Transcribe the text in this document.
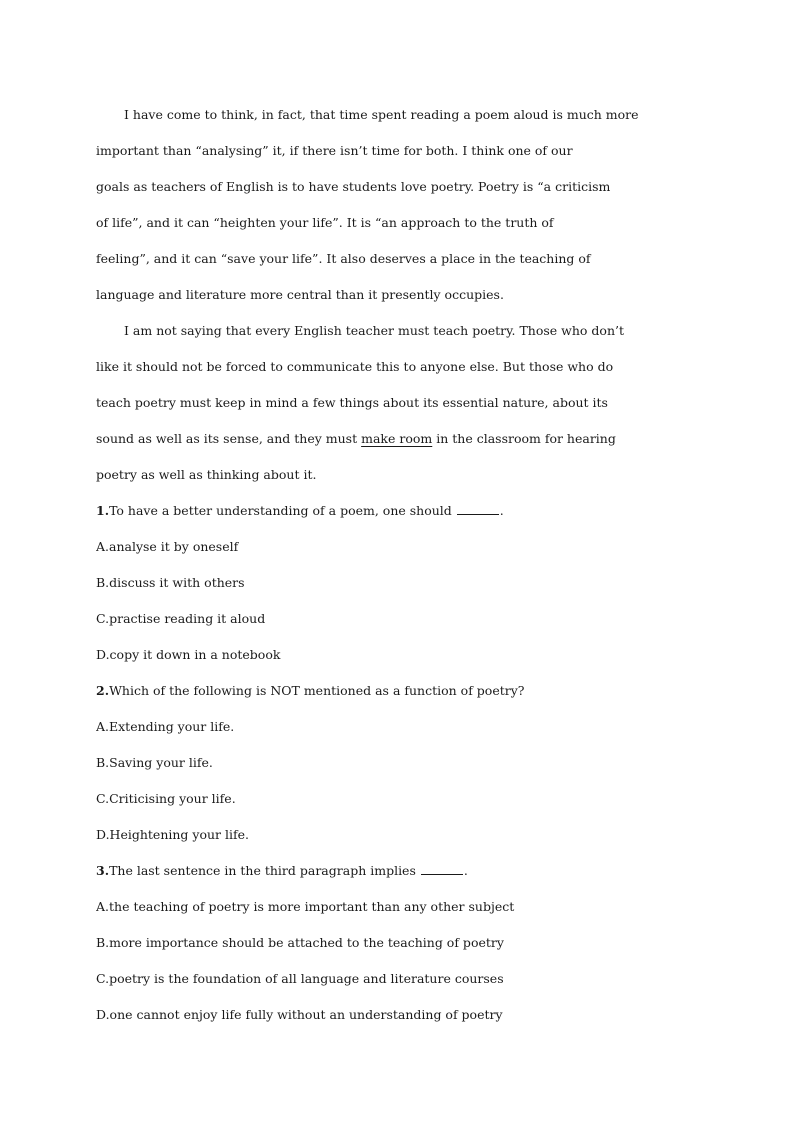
I have come to think, in fact, that time spent reading a poem aloud is much more
important than “analysing” it, if there isn’t time for both. I think one of our
goals as teachers of English is to have students love poetry. Poetry is “a criticism
of life”, and it can “heighten your life”. It is “an approach to the truth of
feeling”, and it can “save your life”. It also deserves a place in the teaching of
language and literature more central than it presently occupies.
I am not saying that every English teacher must teach poetry. Those who don’t
like it should not be forced to communicate this to anyone else. But those who do
teach poetry must keep in mind a few things about its essential nature, about its
sound as well as its sense, and they must make room in the classroom for hearing
poetry as well as thinking about it.
1.To have a better understanding of a poem, one should	.
A.analyse it by oneself
B.discuss it with others
C.practise reading it aloud
D.copy it down in a notebook
2.Which of the following is NOT mentioned as a function of poetry?
A.Extending your life.
B.Saving your life.
C.Criticising your life.
D.Heightening your life.
3.The last sentence in the third paragraph implies	.
A.the teaching of poetry is more important than any other subject
B.more importance should be attached to the teaching of poetry
C.poetry is the foundation of all language and literature courses
D.one cannot enjoy life fully without an understanding of poetry
